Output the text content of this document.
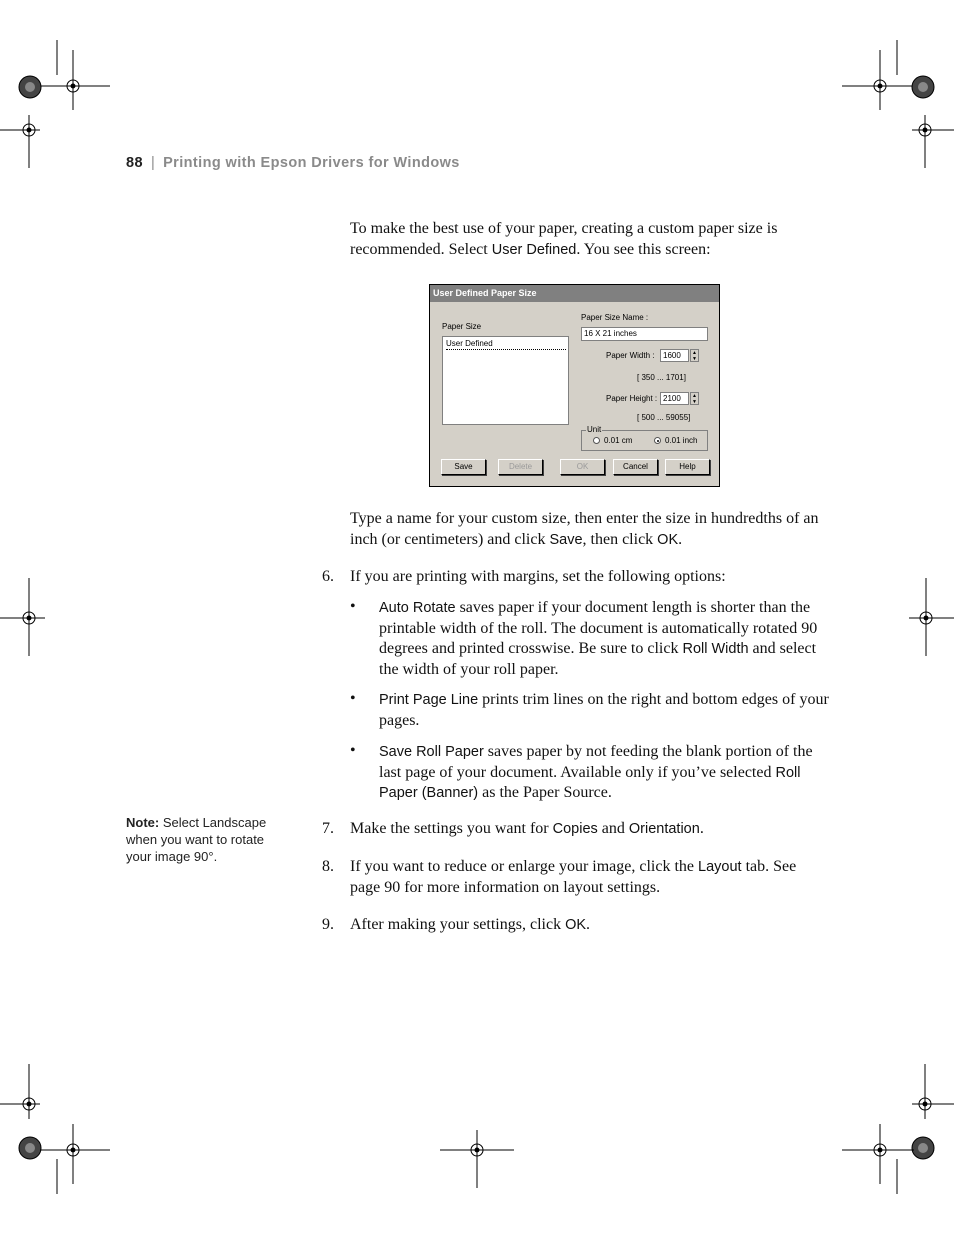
88 | Printing with Epson Drivers for Windows
To make the best use of your paper, creating a custom paper size is recommended. Select User Defined. You see this screen:
User Defined Paper Size
Paper Size
User Defined
Paper Size Name :
16 X 21 inches
Paper Width :	1600	▲
▼
[ 350 ... 1701]
Paper Height : 2100	▲
▼
[ 500 ... 59055]
Unit
0.01 cm	0.01 inch
Save	Delete	OK	Cancel	Help
Type a name for your custom size, then enter the size in hundredths of an inch (or centimeters) and click Save, then click OK.
6. If you are printing with margins, set the following options:
• Auto Rotate saves paper if your document length is shorter than the printable width of the roll. The document is automatically rotated 90 degrees and printed crosswise. Be sure to click Roll Width and select the width of your roll paper.
• Print Page Line prints trim lines on the right and bottom edges of your pages.
• Save Roll Paper saves paper by not feeding the blank portion of the last page of your document. Available only if you’ve selected Roll Paper (Banner) as the Paper Source.
Note: Select Landscape when you want to rotate your image 90°.
7. Make the settings you want for Copies and Orientation.
8. If you want to reduce or enlarge your image, click the Layout tab. See page 90 for more information on layout settings.
9. After making your settings, click OK.
